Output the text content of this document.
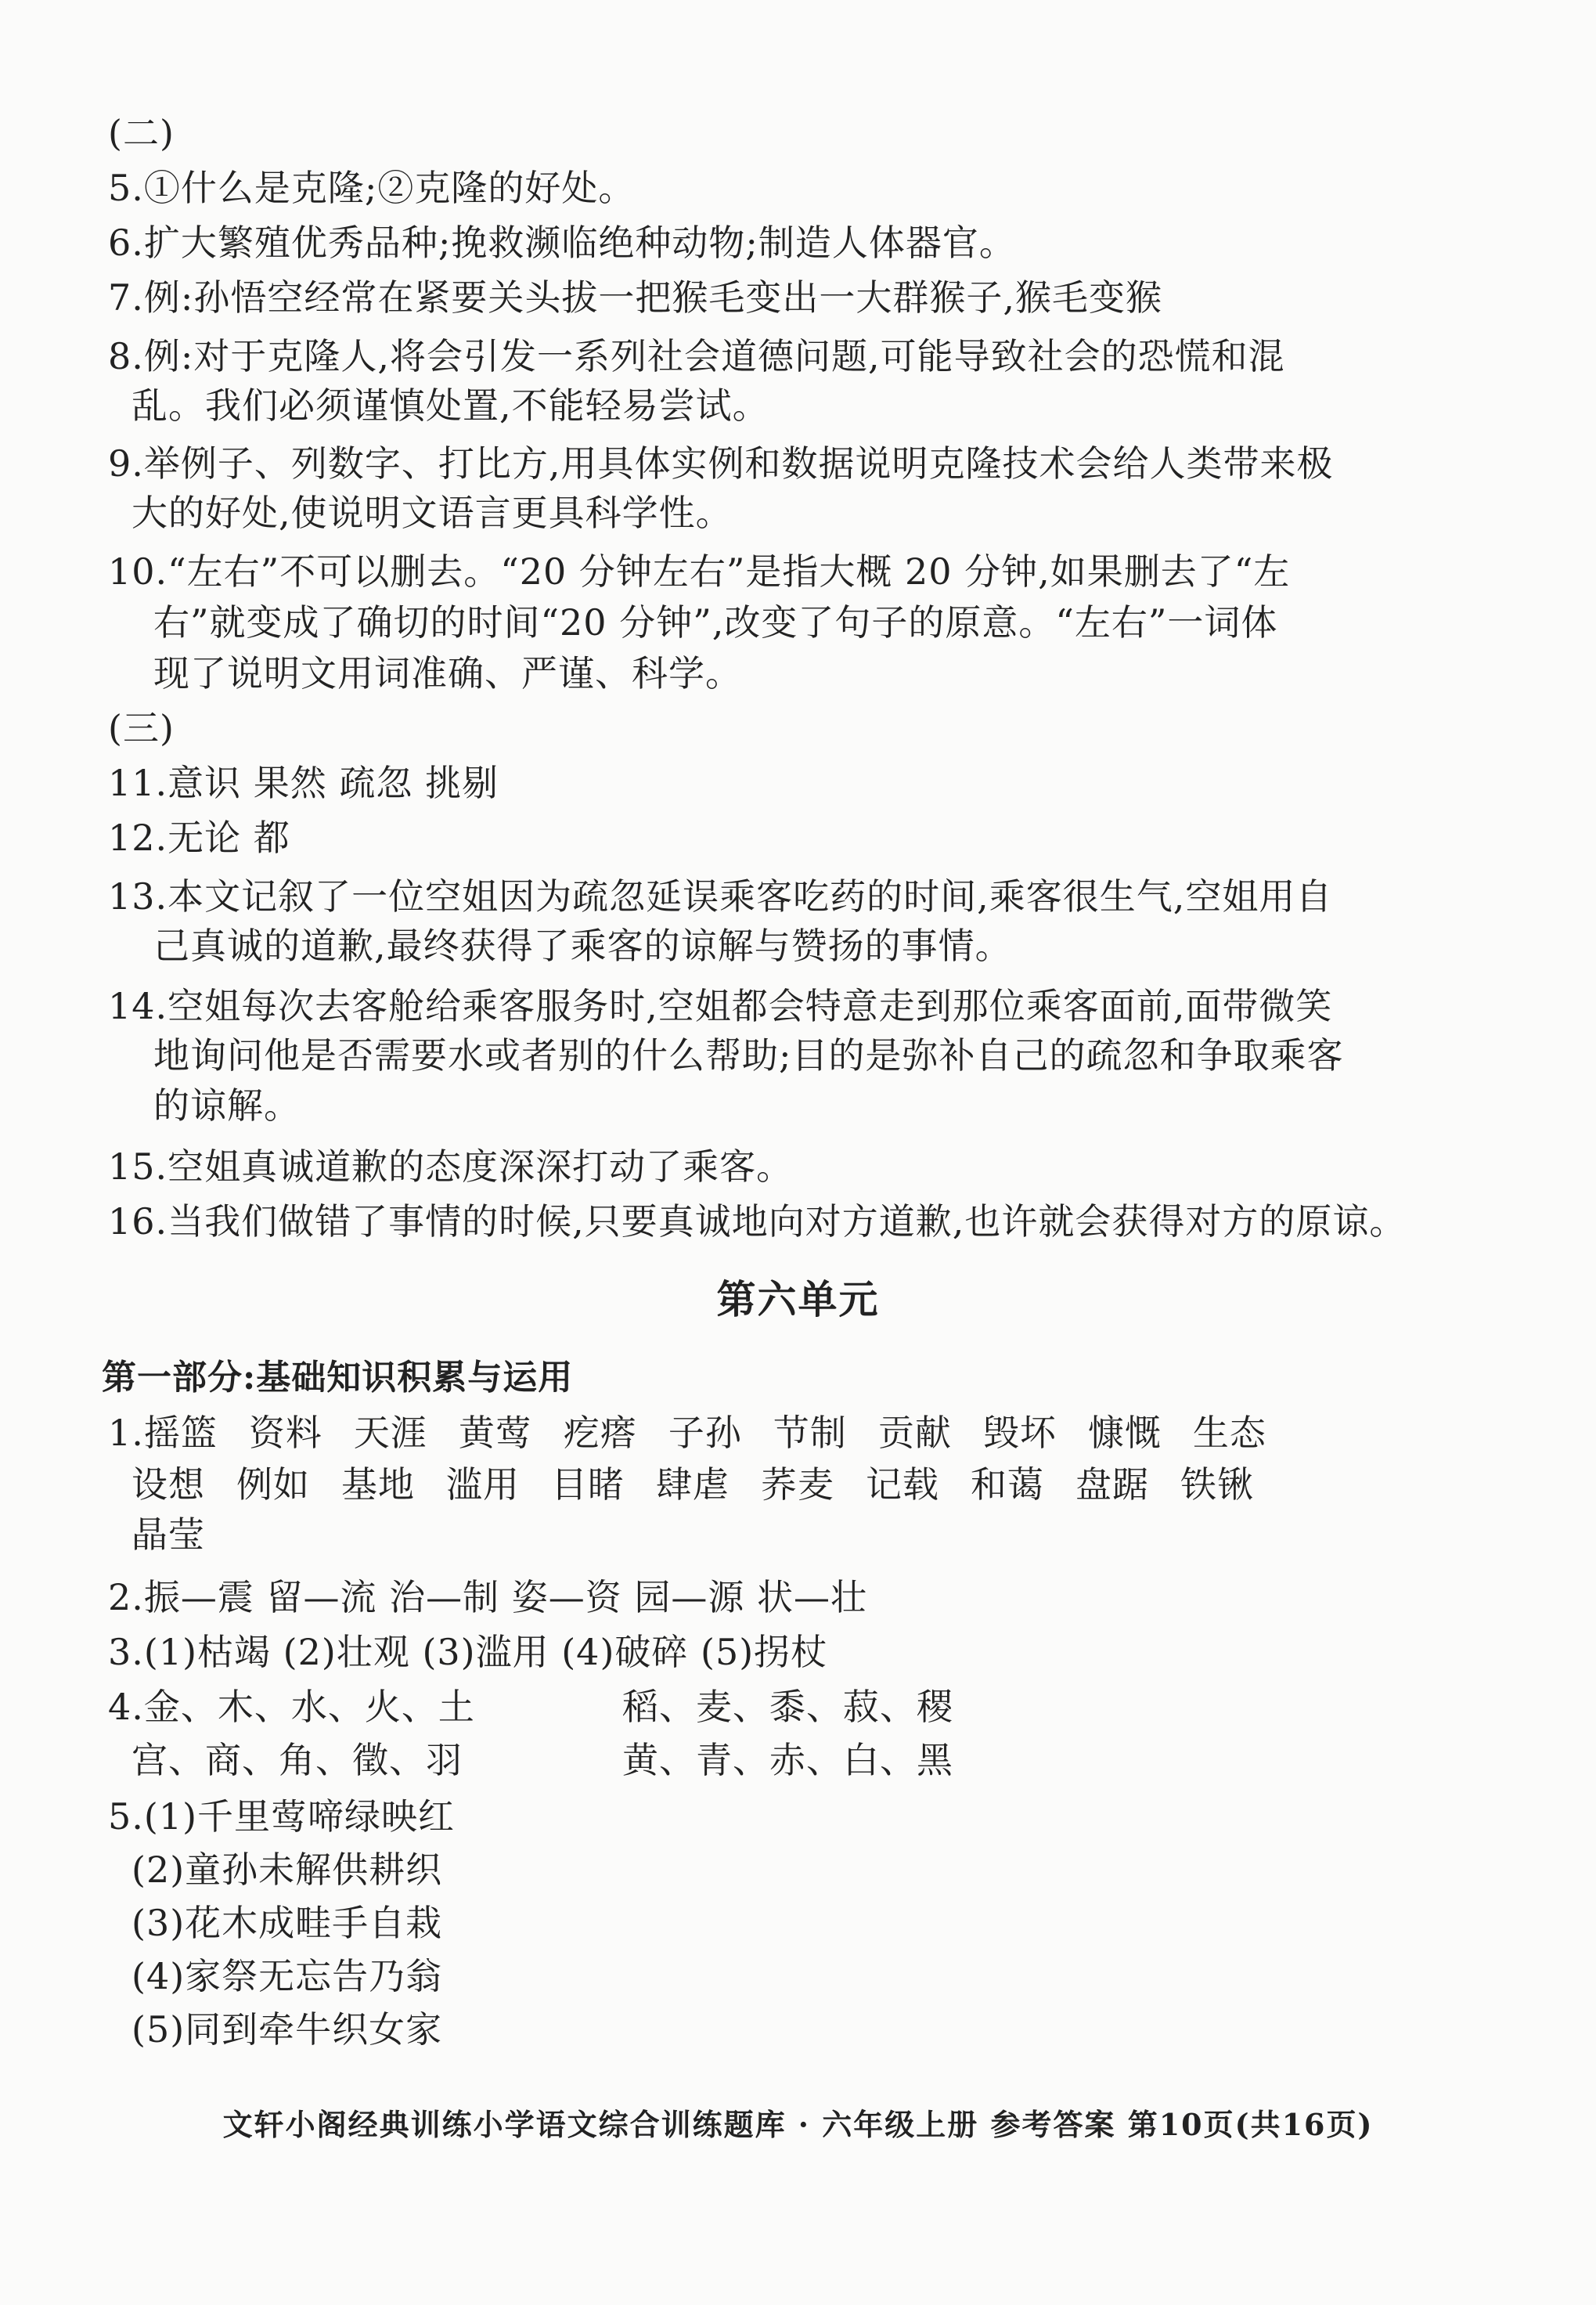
(二)
5.①什么是克隆;②克隆的好处。
6.扩大繁殖优秀品种;挽救濒临绝种动物;制造人体器官。
7.例:孙悟空经常在紧要关头拔一把猴毛变出一大群猴子,猴毛变猴
8.例:对于克隆人,将会引发一系列社会道德问题,可能导致社会的恐慌和混
乱。我们必须谨慎处置,不能轻易尝试。
9.举例子、列数字、打比方,用具体实例和数据说明克隆技术会给人类带来极
大的好处,使说明文语言更具科学性。
10.“左右”不可以删去。“20 分钟左右”是指大概 20 分钟,如果删去了“左
右”就变成了确切的时间“20 分钟”,改变了句子的原意。“左右”一词体
现了说明文用词准确、严谨、科学。
(三)
11.意识 果然 疏忽 挑剔
12.无论 都
13.本文记叙了一位空姐因为疏忽延误乘客吃药的时间,乘客很生气,空姐用自
己真诚的道歉,最终获得了乘客的谅解与赞扬的事情。
14.空姐每次去客舱给乘客服务时,空姐都会特意走到那位乘客面前,面带微笑
地询问他是否需要水或者别的什么帮助;目的是弥补自己的疏忽和争取乘客
的谅解。
15.空姐真诚道歉的态度深深打动了乘客。
16.当我们做错了事情的时候,只要真诚地向对方道歉,也许就会获得对方的原谅。
第六单元
第一部分:基础知识积累与运用
1.摇篮 资料 天涯 黄莺 疙瘩 子孙 节制 贡献 毁坏 慷慨 生态
设想 例如 基地 滥用 目睹 肆虐 荞麦 记载 和蔼 盘踞 铁锹
晶莹
2.振—震 留—流 治—制 姿—资 园—源 状—壮
3.(1)枯竭 (2)壮观 (3)滥用 (4)破碎 (5)拐杖
4.金、木、水、火、土	稻、麦、黍、菽、稷
宫、商、角、徵、羽	黄、青、赤、白、黑
5.(1)千里莺啼绿映红
(2)童孙未解供耕织
(3)花木成畦手自栽
(4)家祭无忘告乃翁
(5)同到牵牛织女家
文轩小阁经典训练小学语文综合训练题库 · 六年级上册 参考答案 第10页(共16页)
